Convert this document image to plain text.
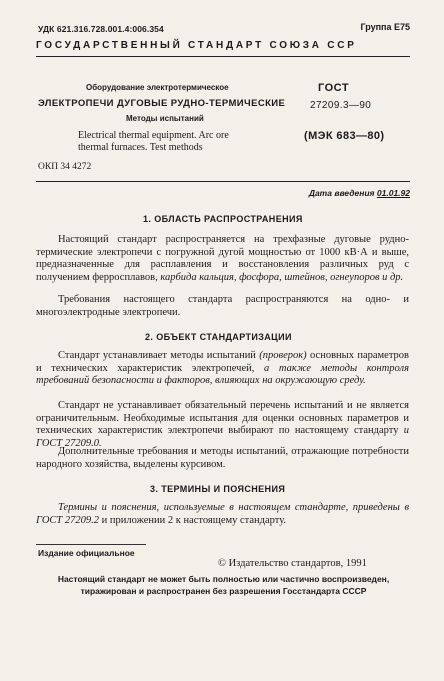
УДК 621.316.728.001.4:006.354	Группа Е75
ГОСУДАРСТВЕННЫЙ СТАНДАРТ СОЮЗА ССР
Оборудование электротермическое
ЭЛЕКТРОПЕЧИ ДУГОВЫЕ РУДНО-ТЕРМИЧЕСКИЕ
Методы испытаний
Electrical thermal equipment. Arc ore
thermal furnaces. Test methods
ОКП 34 4272
ГОСТ
27209.3—90
(МЭК 683—80)
Дата введения 01.01.92
1. ОБЛАСТЬ РАСПРОСТРАНЕНИЯ
Настоящий стандарт распространяется на трехфазные дуговые рудно-термические электропечи с погружной дугой мощностью от 1000 кВ·А и выше, предназначенные для расплавления и восстановления различных руд с получением ферросплавов, карбида кальция, фосфора, штейнов, огнеупоров и др.
Требования настоящего стандарта распространяются на одно- и многоэлектродные электропечи.
2. ОБЪЕКТ СТАНДАРТИЗАЦИИ
Стандарт устанавливает методы испытаний (проверок) основных параметров и технических характеристик электропечей, а также методы контроля требований безопасности и факторов, влияющих на окружающую среду.
Стандарт не устанавливает обязательный перечень испытаний и не является ограничительным. Необходимые испытания для оценки основных параметров и технических характеристик электропечи выбирают по настоящему стандарту и ГОСТ 27209.0.
Дополнительные требования и методы испытаний, отражающие потребности народного хозяйства, выделены курсивом.
3. ТЕРМИНЫ И ПОЯСНЕНИЯ
Термины и пояснения, используемые в настоящем стандарте, приведены в ГОСТ 27209.2 и приложении 2 к настоящему стандарту.
Издание официальное
© Издательство стандартов, 1991
Настоящий стандарт не может быть полностью или частично воспроизведен,
тиражирован и распространен без разрешения Госстандарта СССР
